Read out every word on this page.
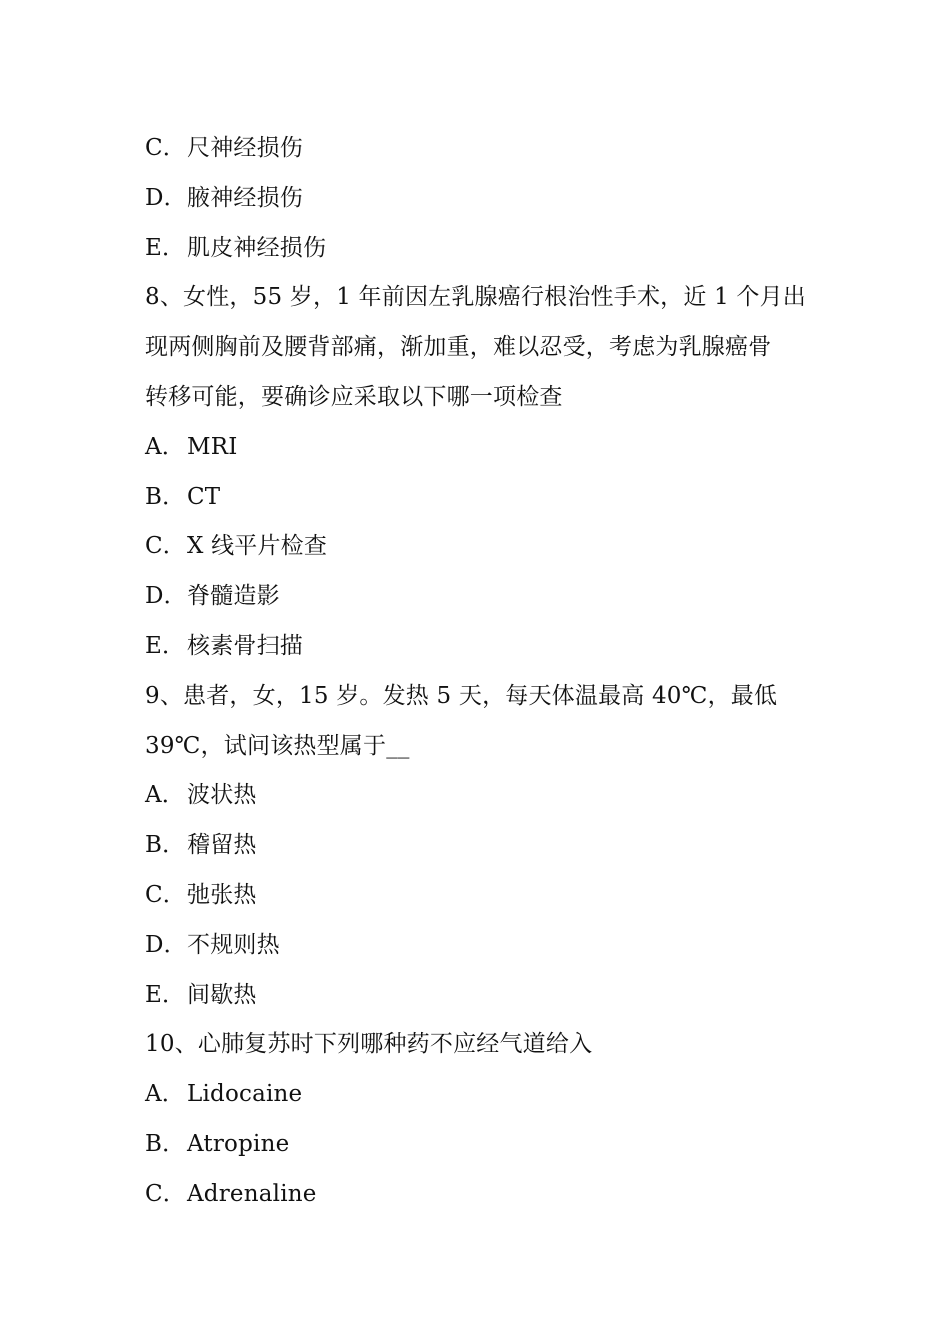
C．尺神经损伤
D．腋神经损伤
E．肌皮神经损伤
8、女性，55 岁，1 年前因左乳腺癌行根治性手术，近 1 个月出
现两侧胸前及腰背部痛，渐加重，难以忍受，考虑为乳腺癌骨
转移可能，要确诊应采取以下哪一项检查
A．MRI
B．CT
C．X 线平片检查
D．脊髓造影
E．核素骨扫描
9、患者，女，15 岁。发热 5 天，每天体温最高 40℃，最低
39℃，试问该热型属于__
A．波状热
B．稽留热
C．弛张热
D．不规则热
E．间歇热
10、心肺复苏时下列哪种药不应经气道给入
A．Lidocaine
B．Atropine
C．Adrenaline
